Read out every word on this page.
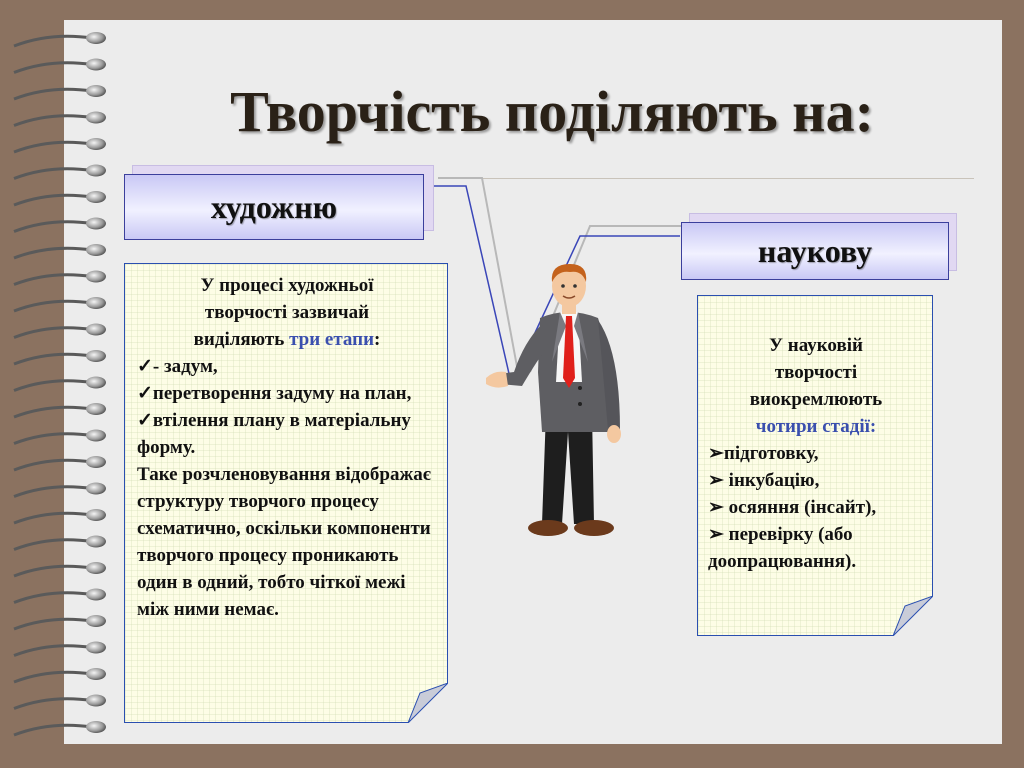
Творчість поділяють на:
художню
наукову
У процесі художньої
творчості зазвичай
виділяють три етапи:
✓- задум,
✓перетворення задуму на план,
✓втілення плану в матеріальну форму.
Таке розчленовування відображає структуру творчого процесу схематично, оскільки компоненти творчого процесу проникають один в одний, тобто чіткої межі між ними немає.
У науковій
творчості
виокремлюють
чотири стадії:
➢підготовку,
➢ інкубацію,
➢ осяяння (інсайт),
➢ перевірку (або доопрацювання).
